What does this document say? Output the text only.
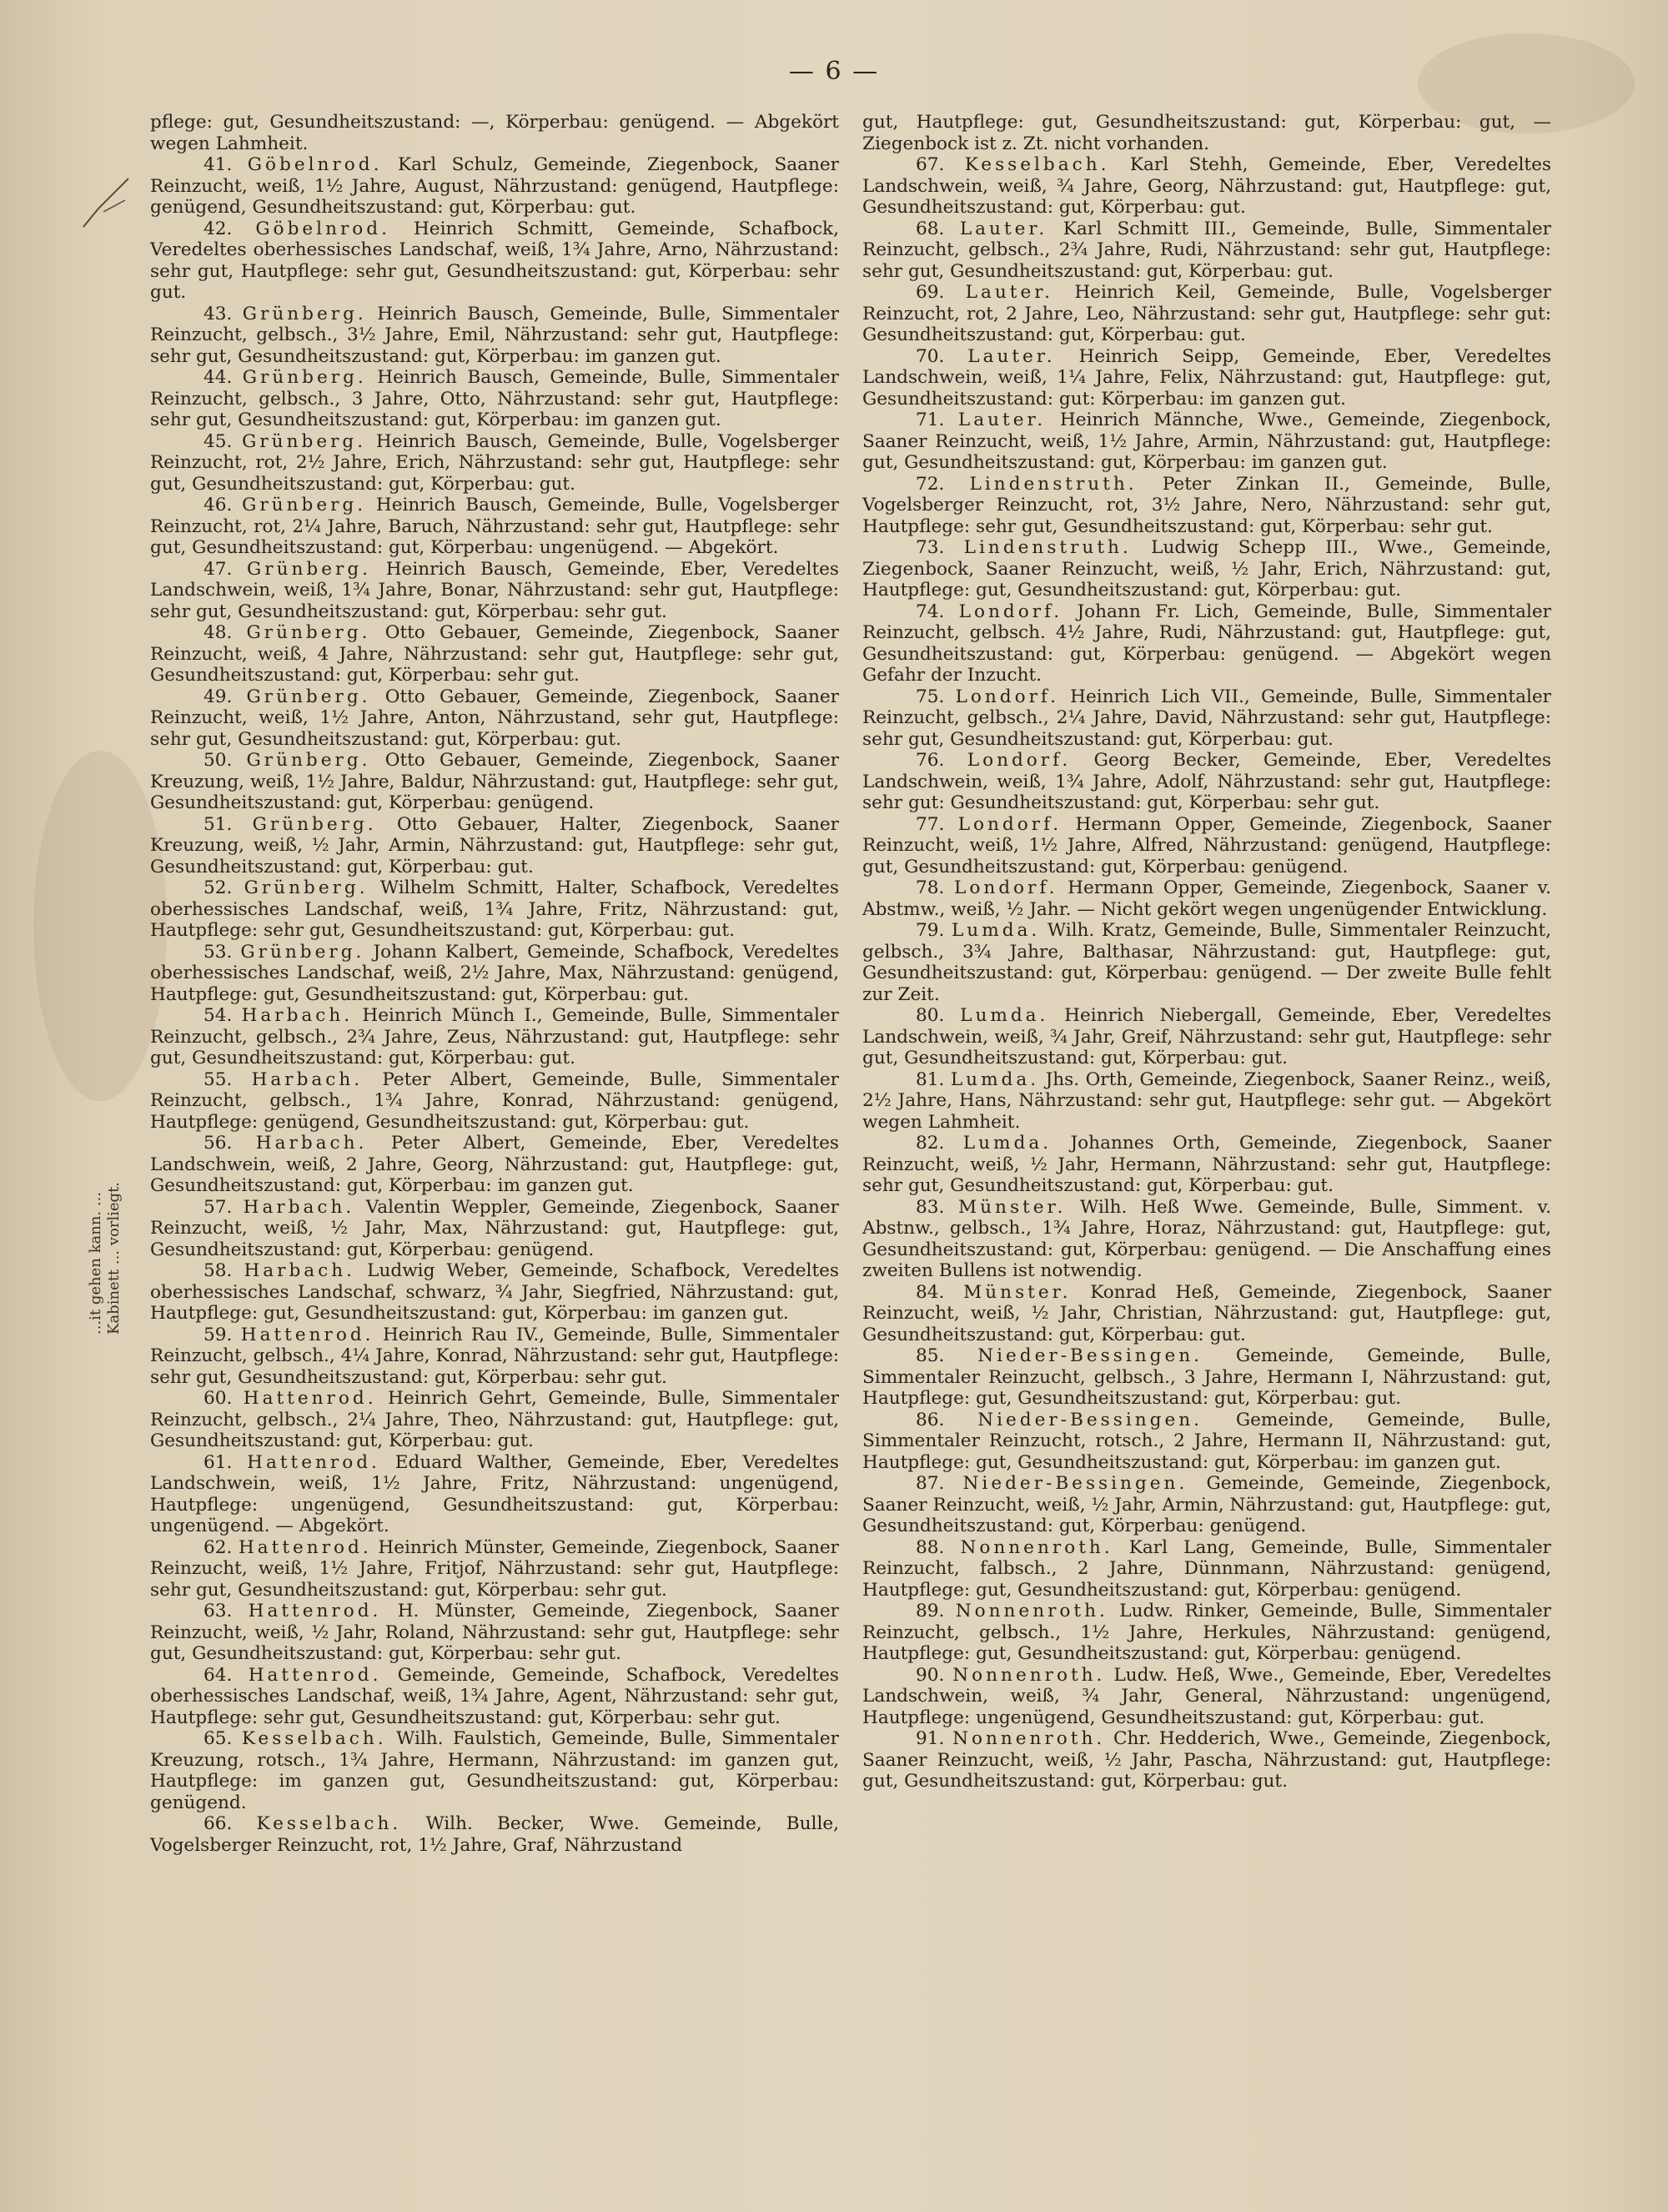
— 6 —
...it gehen kann. ... Kabinett ... vorliegt.

pflege: gut, Gesundheitszustand: —, Körperbau: genügend. — Abgekört wegen Lahmheit.

41. Göbelnrod. Karl Schulz, Gemeinde, Ziegenbock, Saaner Reinzucht, weiß, 1½ Jahre, August, Nährzustand: genügend, Hautpflege: genügend, Gesundheitszustand: gut, Körperbau: gut.

42. Göbelnrod. Heinrich Schmitt, Gemeinde, Schafbock, Veredeltes oberhessisches Landschaf, weiß, 1¾ Jahre, Arno, Nährzustand: sehr gut, Hautpflege: sehr gut, Gesundheitszustand: gut, Körperbau: sehr gut.

43. Grünberg. Heinrich Bausch, Gemeinde, Bulle, Simmentaler Reinzucht, gelbsch., 3½ Jahre, Emil, Nährzustand: sehr gut, Hautpflege: sehr gut, Gesundheitszustand: gut, Körperbau: im ganzen gut.

44. Grünberg. Heinrich Bausch, Gemeinde, Bulle, Simmentaler Reinzucht, gelbsch., 3 Jahre, Otto, Nährzustand: sehr gut, Hautpflege: sehr gut, Gesundheitszustand: gut, Körperbau: im ganzen gut.

45. Grünberg. Heinrich Bausch, Gemeinde, Bulle, Vogelsberger Reinzucht, rot, 2½ Jahre, Erich, Nährzustand: sehr gut, Hautpflege: sehr gut, Gesundheitszustand: gut, Körperbau: gut.

46. Grünberg. Heinrich Bausch, Gemeinde, Bulle, Vogelsberger Reinzucht, rot, 2¼ Jahre, Baruch, Nährzustand: sehr gut, Hautpflege: sehr gut, Gesundheitszustand: gut, Körperbau: ungenügend. — Abgekört.

47. Grünberg. Heinrich Bausch, Gemeinde, Eber, Veredeltes Landschwein, weiß, 1¾ Jahre, Bonar, Nährzustand: sehr gut, Hautpflege: sehr gut, Gesundheitszustand: gut, Körperbau: sehr gut.

48. Grünberg. Otto Gebauer, Gemeinde, Ziegenbock, Saaner Reinzucht, weiß, 4 Jahre, Nährzustand: sehr gut, Hautpflege: sehr gut, Gesundheitszustand: gut, Körperbau: sehr gut.

49. Grünberg. Otto Gebauer, Gemeinde, Ziegenbock, Saaner Reinzucht, weiß, 1½ Jahre, Anton, Nährzustand, sehr gut, Hautpflege: sehr gut, Gesundheitszustand: gut, Körperbau: gut.

50. Grünberg. Otto Gebauer, Gemeinde, Ziegenbock, Saaner Kreuzung, weiß, 1½ Jahre, Baldur, Nährzustand: gut, Hautpflege: sehr gut, Gesundheitszustand: gut, Körperbau: genügend.

51. Grünberg. Otto Gebauer, Halter, Ziegenbock, Saaner Kreuzung, weiß, ½ Jahr, Armin, Nährzustand: gut, Hautpflege: sehr gut, Gesundheitszustand: gut, Körperbau: gut.

52. Grünberg. Wilhelm Schmitt, Halter, Schafbock, Veredeltes oberhessisches Landschaf, weiß, 1¾ Jahre, Fritz, Nährzustand: gut, Hautpflege: sehr gut, Gesundheitszustand: gut, Körperbau: gut.

53. Grünberg. Johann Kalbert, Gemeinde, Schafbock, Veredeltes oberhessisches Landschaf, weiß, 2½ Jahre, Max, Nährzustand: genügend, Hautpflege: gut, Gesundheitszustand: gut, Körperbau: gut.

54. Harbach. Heinrich Münch I., Gemeinde, Bulle, Simmentaler Reinzucht, gelbsch., 2¾ Jahre, Zeus, Nährzustand: gut, Hautpflege: sehr gut, Gesundheitszustand: gut, Körperbau: gut.

55. Harbach. Peter Albert, Gemeinde, Bulle, Simmentaler Reinzucht, gelbsch., 1¾ Jahre, Konrad, Nährzustand: genügend, Hautpflege: genügend, Gesundheitszustand: gut, Körperbau: gut.

56. Harbach. Peter Albert, Gemeinde, Eber, Veredeltes Landschwein, weiß, 2 Jahre, Georg, Nährzustand: gut, Hautpflege: gut, Gesundheitszustand: gut, Körperbau: im ganzen gut.

57. Harbach. Valentin Weppler, Gemeinde, Ziegenbock, Saaner Reinzucht, weiß, ½ Jahr, Max, Nährzustand: gut, Hautpflege: gut, Gesundheitszustand: gut, Körperbau: genügend.

58. Harbach. Ludwig Weber, Gemeinde, Schafbock, Veredeltes oberhessisches Landschaf, schwarz, ¾ Jahr, Siegfried, Nährzustand: gut, Hautpflege: gut, Gesundheitszustand: gut, Körperbau: im ganzen gut.

59. Hattenrod. Heinrich Rau IV., Gemeinde, Bulle, Simmentaler Reinzucht, gelbsch., 4¼ Jahre, Konrad, Nährzustand: sehr gut, Hautpflege: sehr gut, Gesundheitszustand: gut, Körperbau: sehr gut.

60. Hattenrod. Heinrich Gehrt, Gemeinde, Bulle, Simmentaler Reinzucht, gelbsch., 2¼ Jahre, Theo, Nährzustand: gut, Hautpflege: gut, Gesundheitszustand: gut, Körperbau: gut.

61. Hattenrod. Eduard Walther, Gemeinde, Eber, Veredeltes Landschwein, weiß, 1½ Jahre, Fritz, Nährzustand: ungenügend, Hautpflege: ungenügend, Gesundheitszustand: gut, Körperbau: ungenügend. — Abgekört.

62. Hattenrod. Heinrich Münster, Gemeinde, Ziegenbock, Saaner Reinzucht, weiß, 1½ Jahre, Fritjof, Nährzustand: sehr gut, Hautpflege: sehr gut, Gesundheitszustand: gut, Körperbau: sehr gut.

63. Hattenrod. H. Münster, Gemeinde, Ziegenbock, Saaner Reinzucht, weiß, ½ Jahr, Roland, Nährzustand: sehr gut, Hautpflege: sehr gut, Gesundheitszustand: gut, Körperbau: sehr gut.

64. Hattenrod. Gemeinde, Gemeinde, Schafbock, Veredeltes oberhessisches Landschaf, weiß, 1¾ Jahre, Agent, Nährzustand: sehr gut, Hautpflege: sehr gut, Gesundheitszustand: gut, Körperbau: sehr gut.

65. Kesselbach. Wilh. Faulstich, Gemeinde, Bulle, Simmentaler Kreuzung, rotsch., 1¾ Jahre, Hermann, Nährzustand: im ganzen gut, Hautpflege: im ganzen gut, Gesundheitszustand: gut, Körperbau: genügend.

66. Kesselbach. Wilh. Becker, Wwe. Gemeinde, Bulle, Vogelsberger Reinzucht, rot, 1½ Jahre, Graf, Nährzustand

gut, Hautpflege: gut, Gesundheitszustand: gut, Körperbau: gut, — Ziegenbock ist z. Zt. nicht vorhanden.

67. Kesselbach. Karl Stehh, Gemeinde, Eber, Veredeltes Landschwein, weiß, ¾ Jahre, Georg, Nährzustand: gut, Hautpflege: gut, Gesundheitszustand: gut, Körperbau: gut.

68. Lauter. Karl Schmitt III., Gemeinde, Bulle, Simmentaler Reinzucht, gelbsch., 2¾ Jahre, Rudi, Nährzustand: sehr gut, Hautpflege: sehr gut, Gesundheitszustand: gut, Körperbau: gut.

69. Lauter. Heinrich Keil, Gemeinde, Bulle, Vogelsberger Reinzucht, rot, 2 Jahre, Leo, Nährzustand: sehr gut, Hautpflege: sehr gut: Gesundheitszustand: gut, Körperbau: gut.

70. Lauter. Heinrich Seipp, Gemeinde, Eber, Veredeltes Landschwein, weiß, 1¼ Jahre, Felix, Nährzustand: gut, Hautpflege: gut, Gesundheitszustand: gut: Körperbau: im ganzen gut.

71. Lauter. Heinrich Männche, Wwe., Gemeinde, Ziegenbock, Saaner Reinzucht, weiß, 1½ Jahre, Armin, Nährzustand: gut, Hautpflege: gut, Gesundheitszustand: gut, Körperbau: im ganzen gut.

72. Lindenstruth. Peter Zinkan II., Gemeinde, Bulle, Vogelsberger Reinzucht, rot, 3½ Jahre, Nero, Nährzustand: sehr gut, Hautpflege: sehr gut, Gesundheitszustand: gut, Körperbau: sehr gut.

73. Lindenstruth. Ludwig Schepp III., Wwe., Gemeinde, Ziegenbock, Saaner Reinzucht, weiß, ½ Jahr, Erich, Nährzustand: gut, Hautpflege: gut, Gesundheitszustand: gut, Körperbau: gut.

74. Londorf. Johann Fr. Lich, Gemeinde, Bulle, Simmentaler Reinzucht, gelbsch. 4½ Jahre, Rudi, Nährzustand: gut, Hautpflege: gut, Gesundheitszustand: gut, Körperbau: genügend. — Abgekört wegen Gefahr der Inzucht.

75. Londorf. Heinrich Lich VII., Gemeinde, Bulle, Simmentaler Reinzucht, gelbsch., 2¼ Jahre, David, Nährzustand: sehr gut, Hautpflege: sehr gut, Gesundheitszustand: gut, Körperbau: gut.

76. Londorf. Georg Becker, Gemeinde, Eber, Veredeltes Landschwein, weiß, 1¾ Jahre, Adolf, Nährzustand: sehr gut, Hautpflege: sehr gut: Gesundheitszustand: gut, Körperbau: sehr gut.

77. Londorf. Hermann Opper, Gemeinde, Ziegenbock, Saaner Reinzucht, weiß, 1½ Jahre, Alfred, Nährzustand: genügend, Hautpflege: gut, Gesundheitszustand: gut, Körperbau: genügend.

78. Londorf. Hermann Opper, Gemeinde, Ziegenbock, Saaner v. Abstmw., weiß, ½ Jahr. — Nicht gekört wegen ungenügender Entwicklung.

79. Lumda. Wilh. Kratz, Gemeinde, Bulle, Simmentaler Reinzucht, gelbsch., 3¾ Jahre, Balthasar, Nährzustand: gut, Hautpflege: gut, Gesundheitszustand: gut, Körperbau: genügend. — Der zweite Bulle fehlt zur Zeit.

80. Lumda. Heinrich Niebergall, Gemeinde, Eber, Veredeltes Landschwein, weiß, ¾ Jahr, Greif, Nährzustand: sehr gut, Hautpflege: sehr gut, Gesundheitszustand: gut, Körperbau: gut.

81. Lumda. Jhs. Orth, Gemeinde, Ziegenbock, Saaner Reinz., weiß, 2½ Jahre, Hans, Nährzustand: sehr gut, Hautpflege: sehr gut. — Abgekört wegen Lahmheit.

82. Lumda. Johannes Orth, Gemeinde, Ziegenbock, Saaner Reinzucht, weiß, ½ Jahr, Hermann, Nährzustand: sehr gut, Hautpflege: sehr gut, Gesundheitszustand: gut, Körperbau: gut.

83. Münster. Wilh. Heß Wwe. Gemeinde, Bulle, Simment. v. Abstnw., gelbsch., 1¾ Jahre, Horaz, Nährzustand: gut, Hautpflege: gut, Gesundheitszustand: gut, Körperbau: genügend. — Die Anschaffung eines zweiten Bullens ist notwendig.

84. Münster. Konrad Heß, Gemeinde, Ziegenbock, Saaner Reinzucht, weiß, ½ Jahr, Christian, Nährzustand: gut, Hautpflege: gut, Gesundheitszustand: gut, Körperbau: gut.

85. Nieder-Bessingen. Gemeinde, Gemeinde, Bulle, Simmentaler Reinzucht, gelbsch., 3 Jahre, Hermann I, Nährzustand: gut, Hautpflege: gut, Gesundheitszustand: gut, Körperbau: gut.

86. Nieder-Bessingen. Gemeinde, Gemeinde, Bulle, Simmentaler Reinzucht, rotsch., 2 Jahre, Hermann II, Nährzustand: gut, Hautpflege: gut, Gesundheitszustand: gut, Körperbau: im ganzen gut.

87. Nieder-Bessingen. Gemeinde, Gemeinde, Ziegenbock, Saaner Reinzucht, weiß, ½ Jahr, Armin, Nährzustand: gut, Hautpflege: gut, Gesundheitszustand: gut, Körperbau: genügend.

88. Nonnenroth. Karl Lang, Gemeinde, Bulle, Simmentaler Reinzucht, falbsch., 2 Jahre, Dünnmann, Nährzustand: genügend, Hautpflege: gut, Gesundheitszustand: gut, Körperbau: genügend.

89. Nonnenroth. Ludw. Rinker, Gemeinde, Bulle, Simmentaler Reinzucht, gelbsch., 1½ Jahre, Herkules, Nährzustand: genügend, Hautpflege: gut, Gesundheitszustand: gut, Körperbau: genügend.

90. Nonnenroth. Ludw. Heß, Wwe., Gemeinde, Eber, Veredeltes Landschwein, weiß, ¾ Jahr, General, Nährzustand: ungenügend, Hautpflege: ungenügend, Gesundheitszustand: gut, Körperbau: gut.

91. Nonnenroth. Chr. Hedderich, Wwe., Gemeinde, Ziegenbock, Saaner Reinzucht, weiß, ½ Jahr, Pascha, Nährzustand: gut, Hautpflege: gut, Gesundheitszustand: gut, Körperbau: gut.
